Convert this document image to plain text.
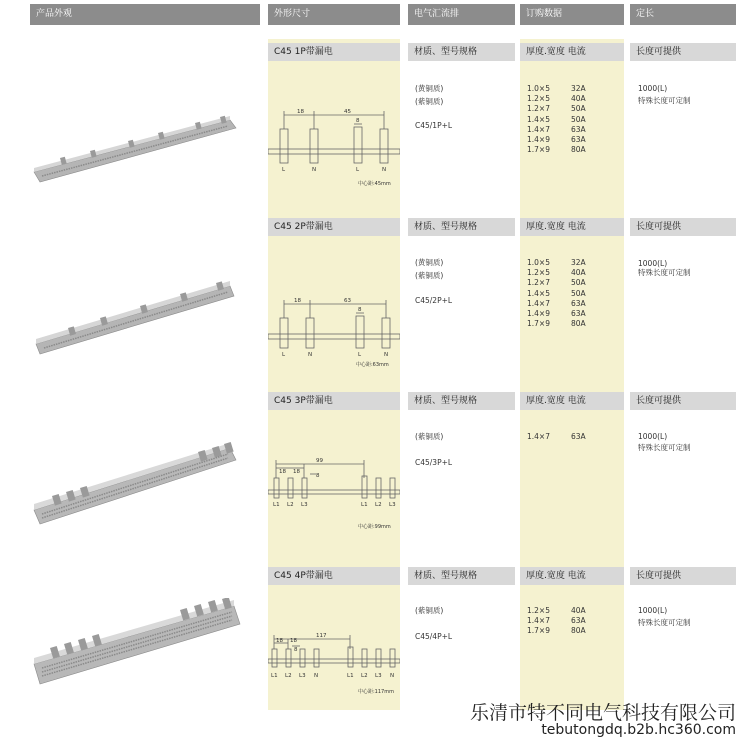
产品外观	外形尺寸	电气汇流排	订购数据	定长
C45 1P带漏电	材质、型号规格	厚度.宽度 电流	长度可提供
(黄铜质)
(紫铜质)
C45/1P+L
1.0×5	32A
1.2×5	40A
1.2×7	50A
1.4×5	50A
1.4×7	63A
1.4×9	63A
1.7×9	80A
1000(L)
特殊长度可定制
18	45
8
L	N	L	N
中心距:45mm
C45 2P带漏电	材质、型号规格	厚度.宽度 电流	长度可提供
(黄铜质)
(紫铜质)
C45/2P+L
1.0×5	32A
1.2×5	40A
1.2×7	50A
1.4×5	50A
1.4×7	63A
1.4×9	63A
1.7×9	80A
1000(L)
特殊长度可定制
18	63
8
L	N	L	N
中心距:63mm
C45 3P带漏电	材质、型号规格	厚度.宽度 电流	长度可提供
(紫铜质)
C45/3P+L
1.4×7	63A	1000(L)
特殊长度可定制
99
18 18
8
L1 L2 L3	L1 L2 L3
中心距:99mm
C45 4P带漏电	材质、型号规格	厚度.宽度 电流	长度可提供
(紫铜质)
C45/4P+L
1.2×5	40A
1.4×7	63A
1.7×9	80A
1000(L)
特殊长度可定制
117
18 18
8
L1 L2 L3 N	L1 L2 L3 N
中心距:117mm
乐清市特不同电气科技有限公司
tebutongdq.b2b.hc360.com
